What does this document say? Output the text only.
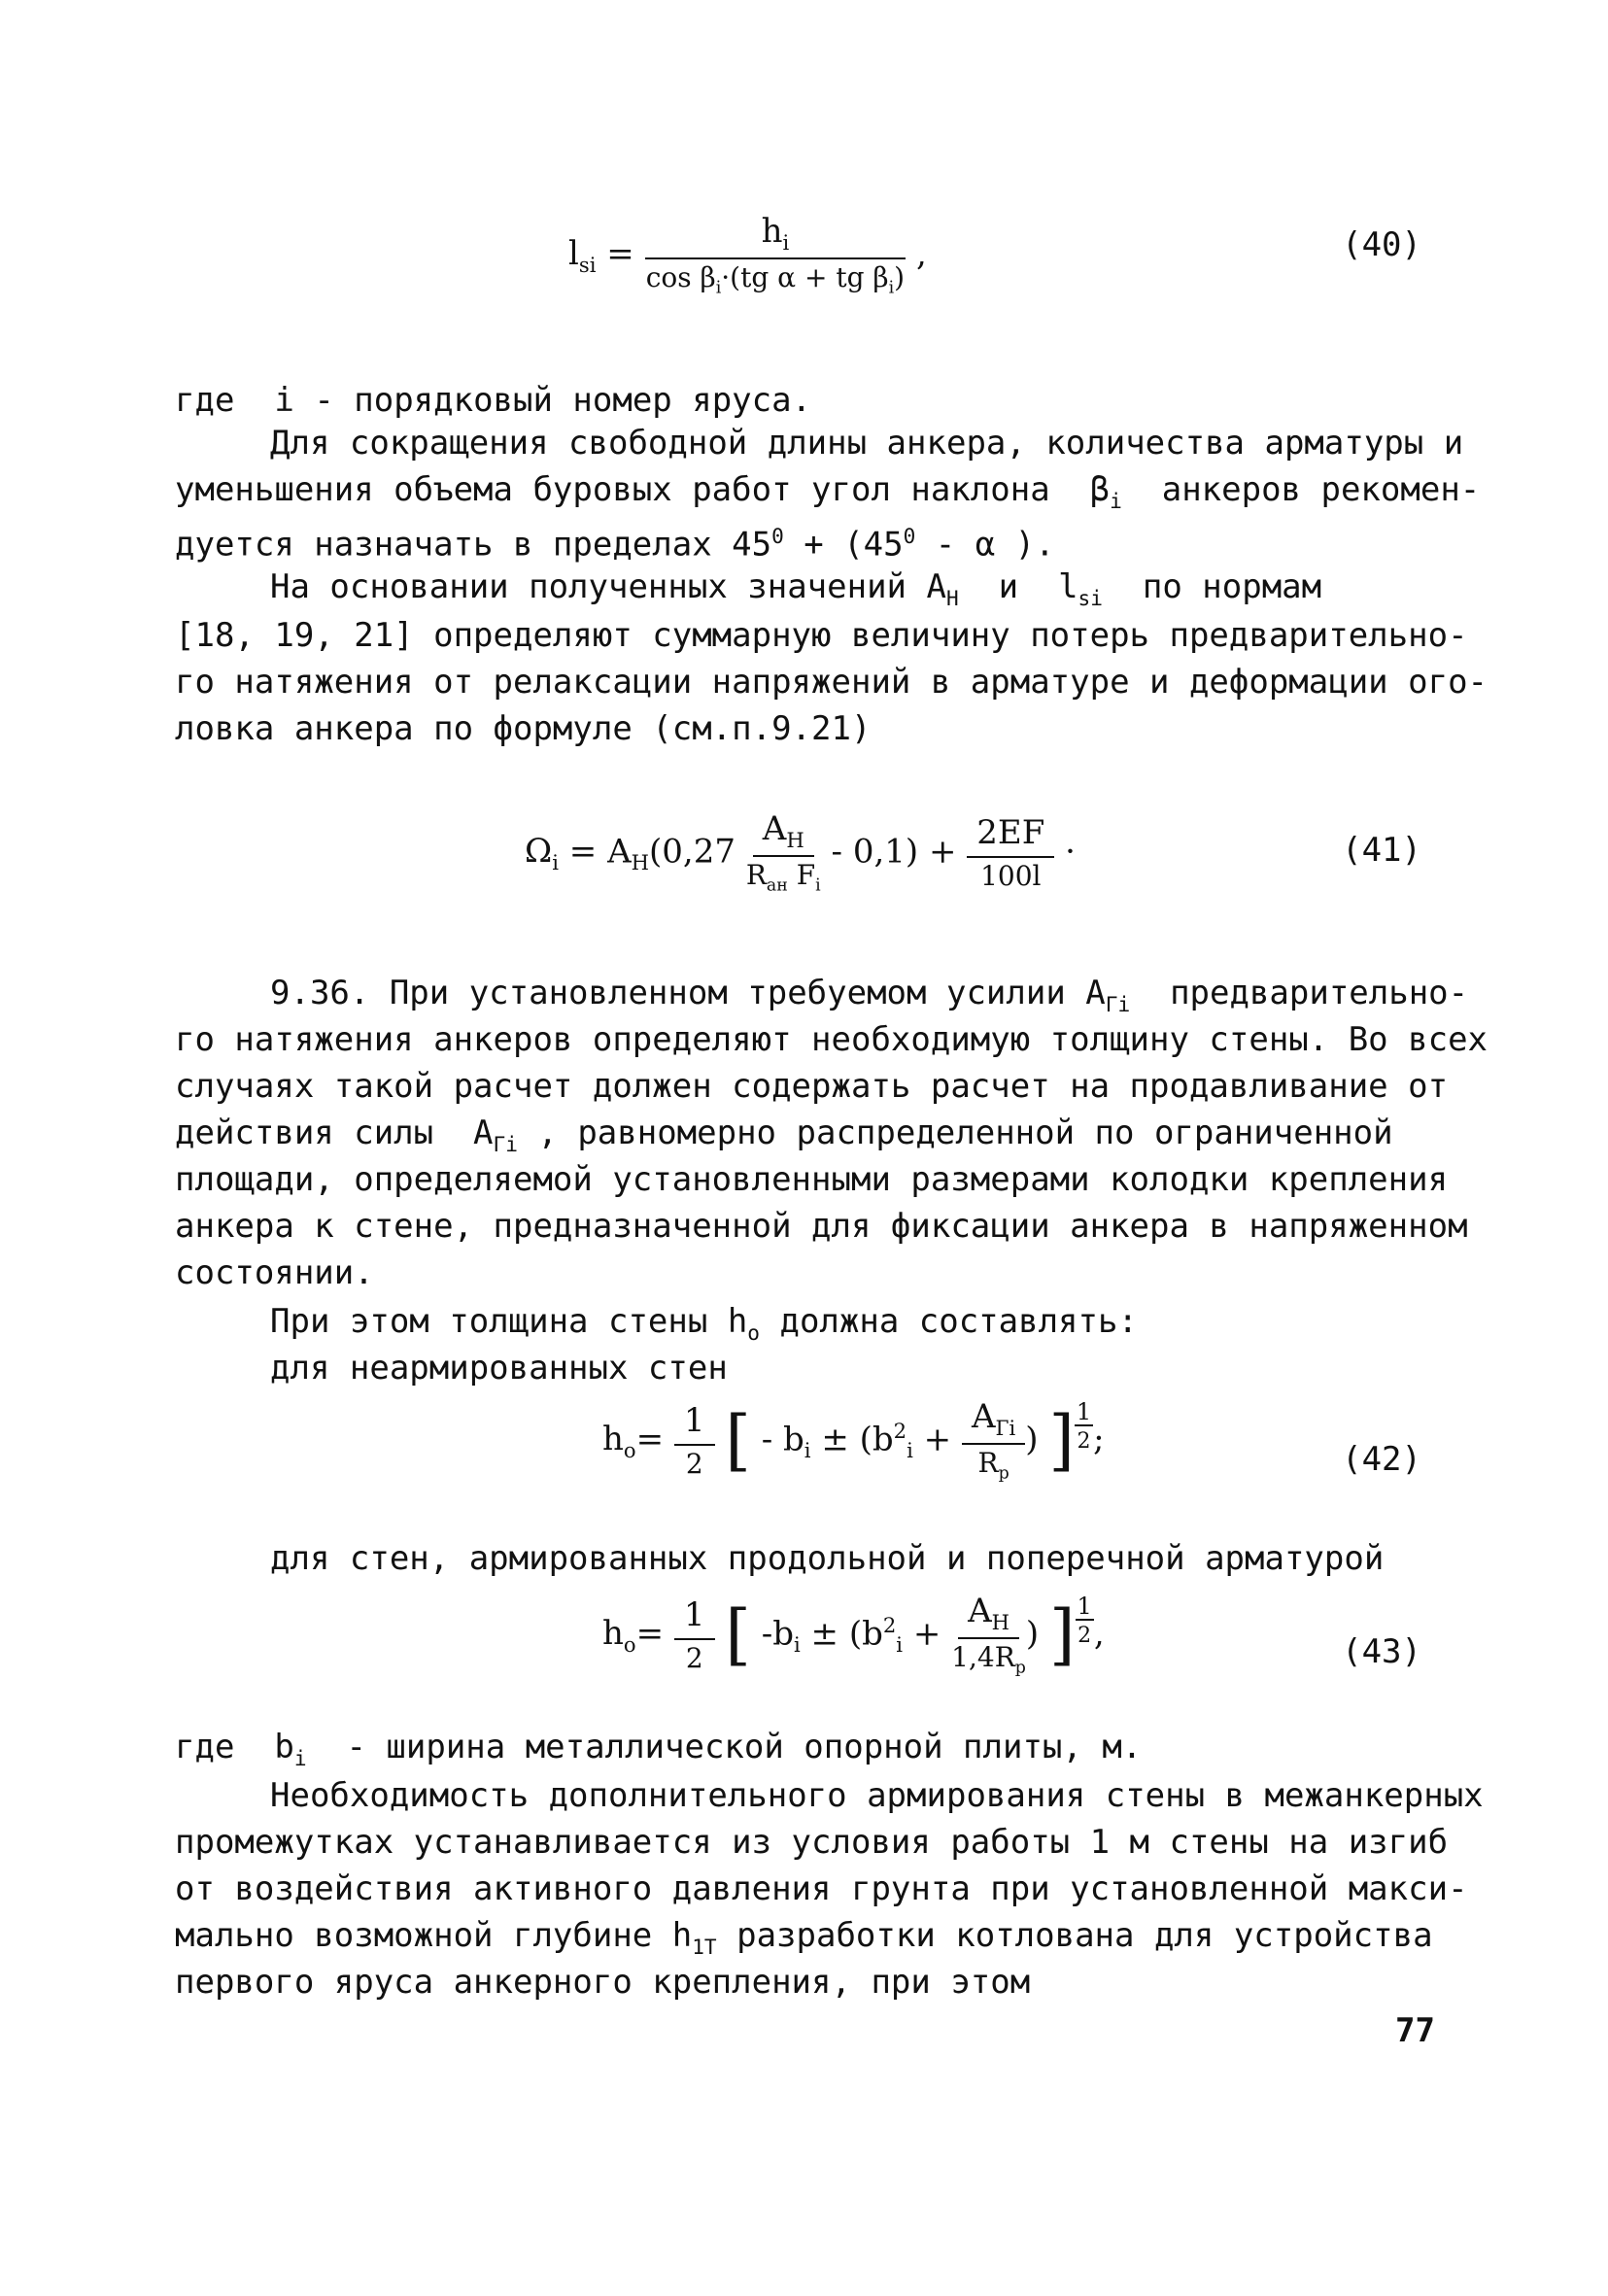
$l_{si} = \frac{h_i}{\cos \beta_i\cdot(tg \alpha + tg \beta_i)}$ ,	(40)
где  i - порядковый номер яруса.
Для сокращения свободной длины анкера, количества арматуры и
уменьшения объема буровых работ угол наклона  $\beta_i$  анкеров рекомен-
дуется назначать в пределах $45^0 + (45^0 - \alpha$ ).
На основании полученных значений $A_Н$  и  $l_{si}$  по нормам
[18, 19, 21] определяют суммарную величину потерь предварительно-
го натяжения от релаксации напряжений в арматуре и деформации ого-
ловка анкера по формуле (см.п.9.21)
$\Omega_i = A_H(0,27 \frac{A_H}{R_{aн} F_i} - 0,1) + \frac{2EF}{100l}$ ·	(41)
9.36. При установленном требуемом усилии $A_{Гi}$  предварительно-
го натяжения анкеров определяют необходимую толщину стены. Во всех
случаях такой расчет должен содержать расчет на продавливание от
действия силы  $A_{Гi}$ , равномерно распределенной по ограниченной
площади, определяемой установленными размерами колодки крепления
анкера к стене, предназначенной для фиксации анкера в напряженном
состоянии.
При этом толщина стены $h_o$ должна составлять:
для неармированных стен
$h_o= \frac{1}{2}$ [ - $b_i \pm (b^2_i + \frac{A_{Гi}}{R_р}$ ) ] $^{\frac{1}{2}}$ ;
(42)
для стен, армированных продольной и поперечной арматурой
$h_o= \frac{1}{2}$ [ $-b_i \pm (b^2_i + \frac{A_Н}{1,4R_р}$ ) ] $^{\frac{1}{2}}$ ,	(43)
где  $b_i$  - ширина металлической опорной плиты, м.
Необходимость дополнительного армирования стены в межанкерных
промежутках устанавливается из условия работы 1 м стены на изгиб
от воздействия активного давления грунта при установленной макси-
мально возможной глубине $h_{1Т}$ разработки котлована для устройства
первого яруса анкерного крепления, при этом
77
